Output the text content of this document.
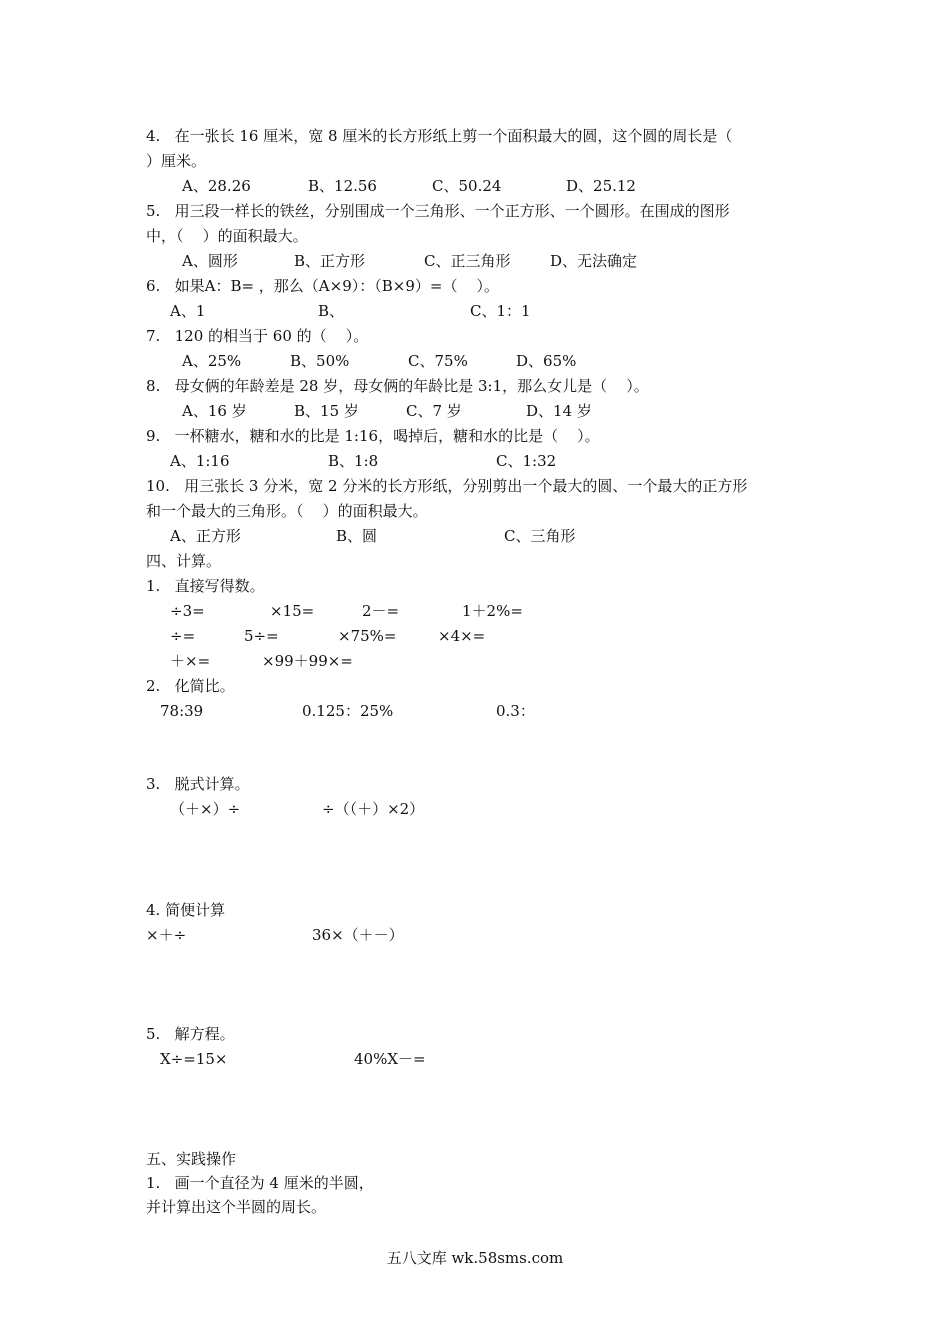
4.   在一张长 16 厘米，宽 8 厘米的长方形纸上剪一个面积最大的圆，这个圆的周长是（
）厘米。
A、28.26	B、12.56	C、50.24	D、25.12
5.   用三段一样长的铁丝，分别围成一个三角形、一个正方形、一个圆形。在围成的图形
中，（    ）的面积最大。
A、圆形	B、正方形	C、正三角形	D、无法确定
6.   如果A：B= ，那么（A×9）：（B×9）=（    ）。
A、1	B、	C、1：1
7.   120 的相当于 60 的（    ）。
A、25%	B、50%	C、75%	D、65%
8.   母女俩的年龄差是 28 岁，母女俩的年龄比是 3:1，那么女儿是（    ）。
A、16 岁	B、15 岁	C、7 岁	D、14 岁
9.   一杯糖水，糖和水的比是 1:16，喝掉后，糖和水的比是（    ）。
A、1:16	B、1:8	C、1:32
10.   用三张长 3 分米，宽 2 分米的长方形纸，分别剪出一个最大的圆、一个最大的正方形
和一个最大的三角形。（    ）的面积最大。
A、正方形	B、圆	C、三角形
四、计算。
1.   直接写得数。
÷3=	×15=	2－=	1＋2%=
÷=	5÷=	×75%=	×4×=
＋×=	×99＋99×=
2.   化简比。
78:39	0.125：25%	0.3：
3.   脱式计算。
（＋×）÷	÷（（＋）×2）
4. 简便计算
×＋÷	36×（＋－）
5.   解方程。
X÷=15×	40%X－=
五、实践操作
1.   画一个直径为 4 厘米的半圆，
并计算出这个半圆的周长。
五八文库 wk.58sms.com
